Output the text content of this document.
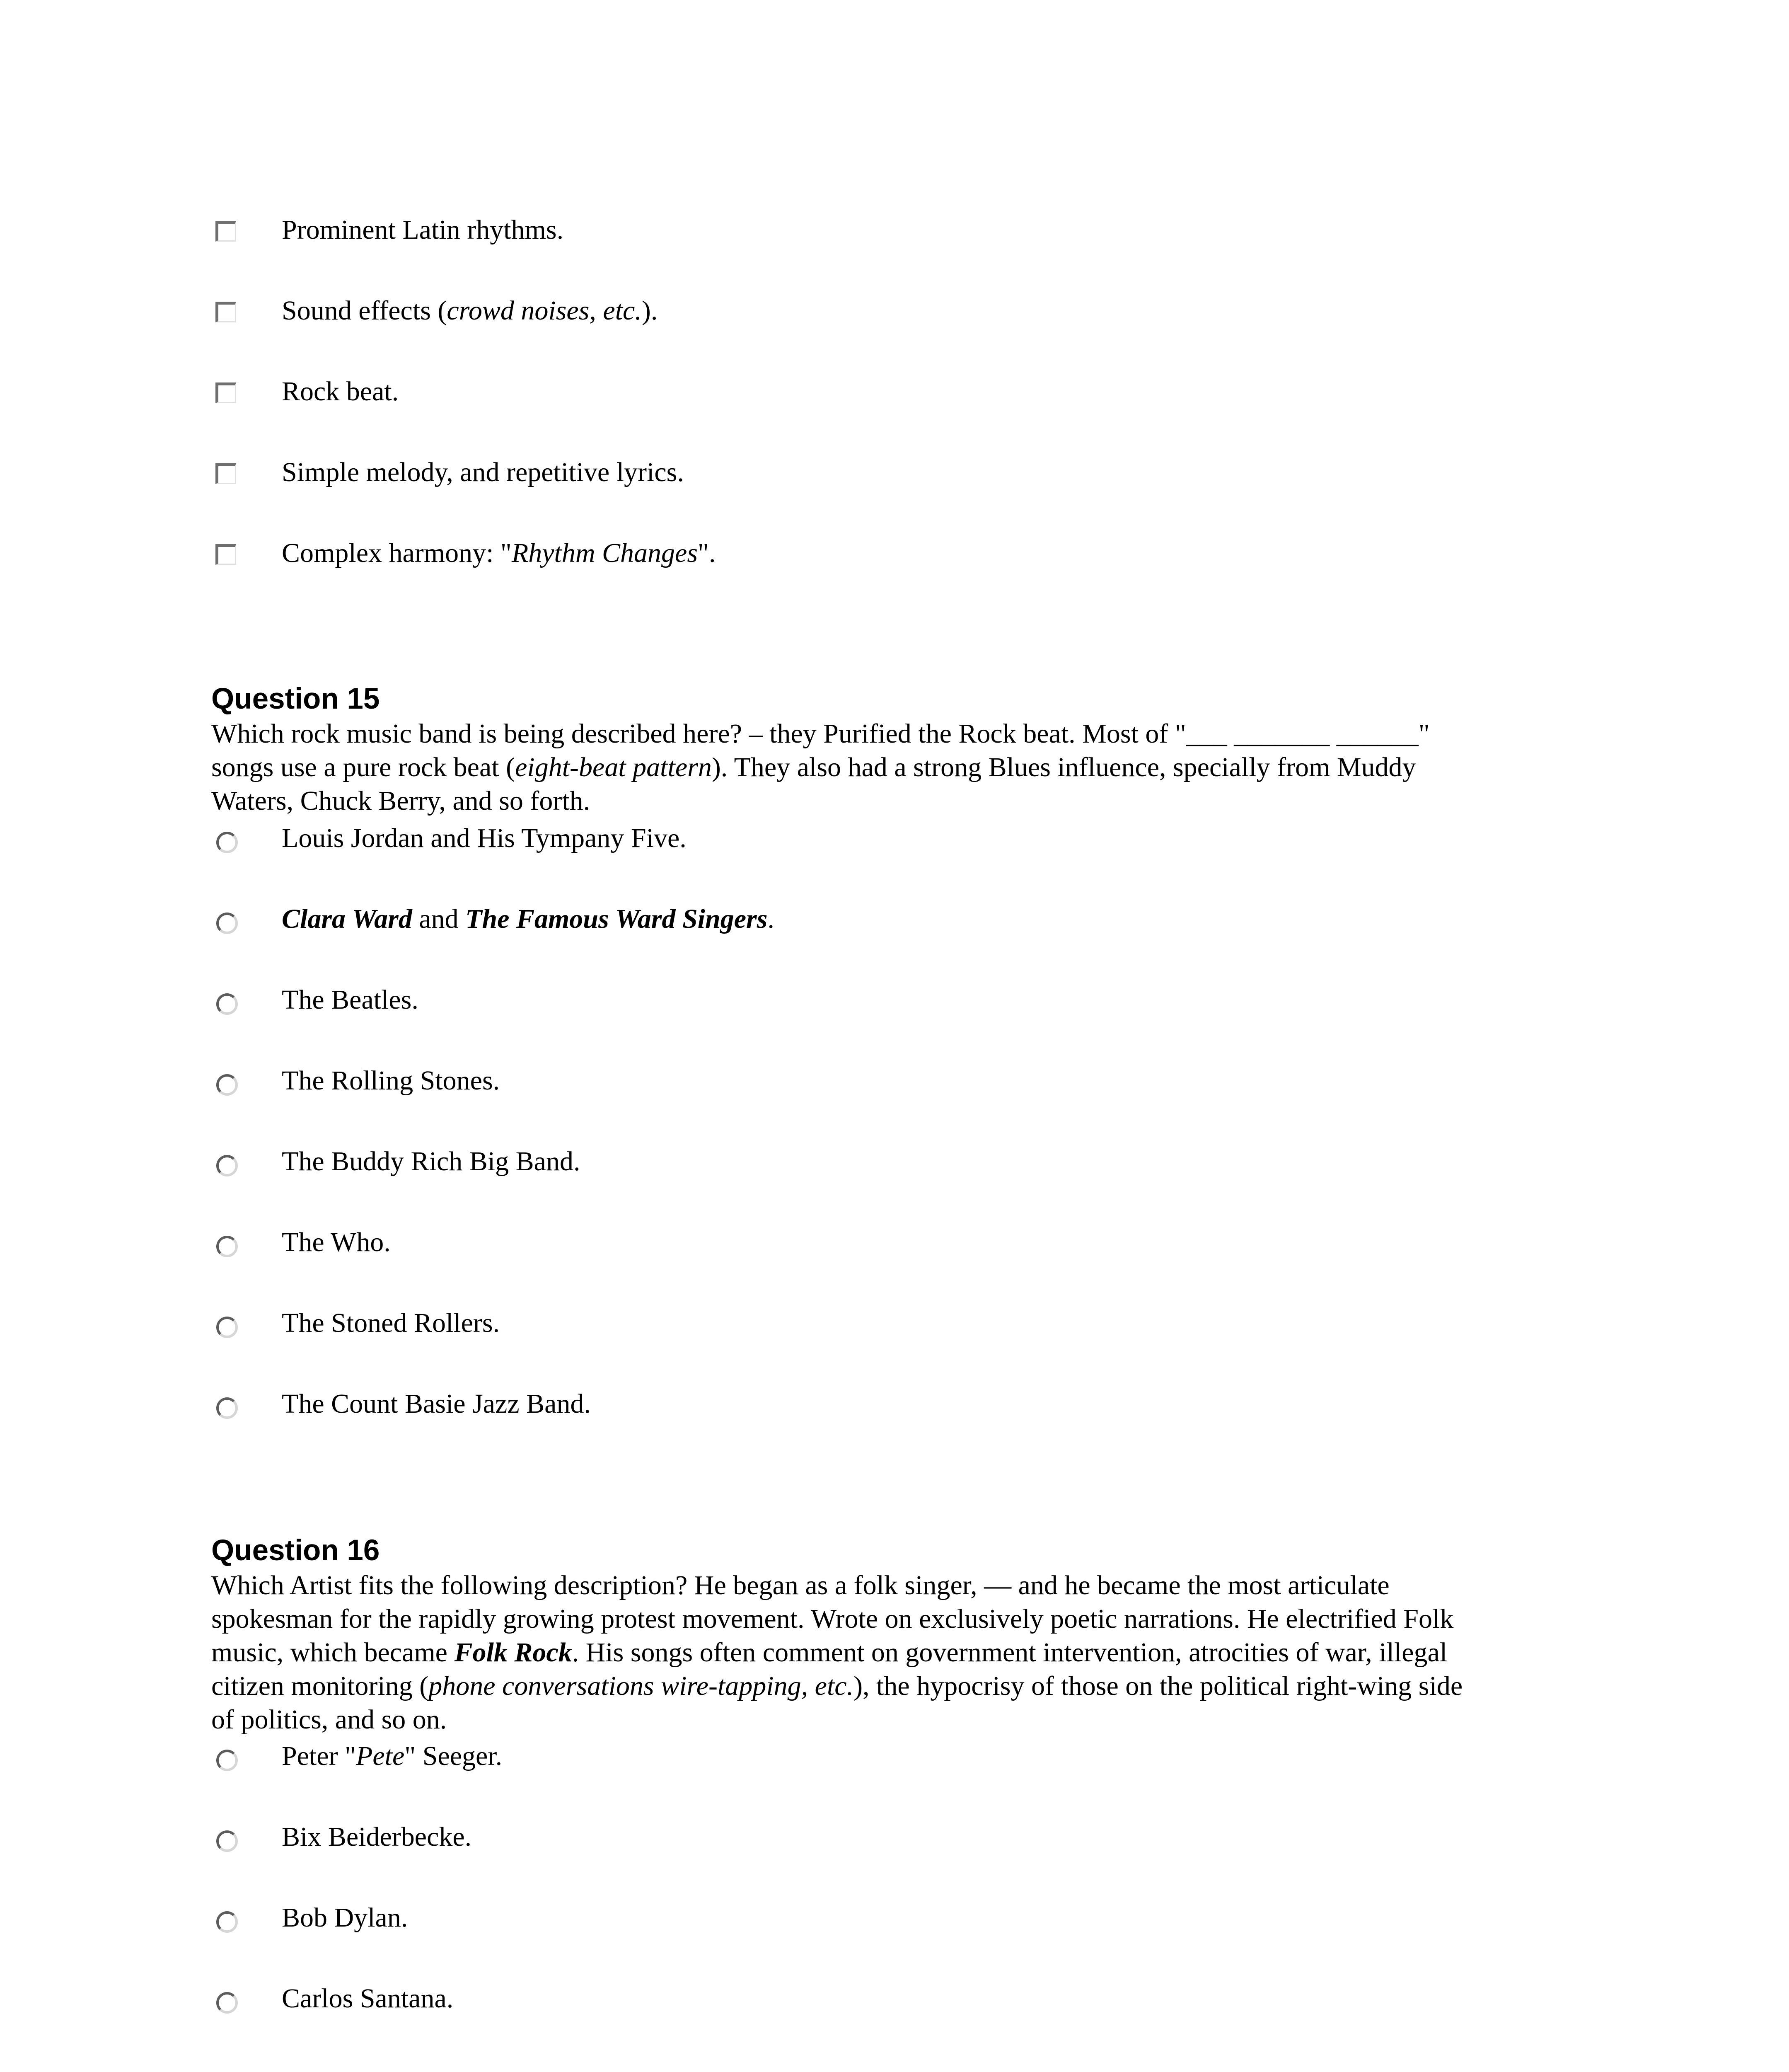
Prominent Latin rhythms.
Sound effects (crowd noises, etc.).
Rock beat.
Simple melody, and repetitive lyrics.
Complex harmony: "Rhythm Changes".
Question 15
Which rock music band is being described here? – they Purified the Rock beat. Most of "___ _______ ______"
songs use a pure rock beat (eight-beat pattern). They also had a strong Blues influence, specially from Muddy
Waters, Chuck Berry, and so forth.
Louis Jordan and His Tympany Five.
Clara Ward and The Famous Ward Singers.
The Beatles.
The Rolling Stones.
The Buddy Rich Big Band.
The Who.
The Stoned Rollers.
The Count Basie Jazz Band.
Question 16
Which Artist fits the following description? He began as a folk singer, — and he became the most articulate
spokesman for the rapidly growing protest movement. Wrote on exclusively poetic narrations. He electrified Folk
music, which became Folk Rock. His songs often comment on government intervention, atrocities of war, illegal
citizen monitoring (phone conversations wire-tapping, etc.), the hypocrisy of those on the political right-wing side
of politics, and so on.
Peter "Pete" Seeger.
Bix Beiderbecke.
Bob Dylan.
Carlos Santana.
